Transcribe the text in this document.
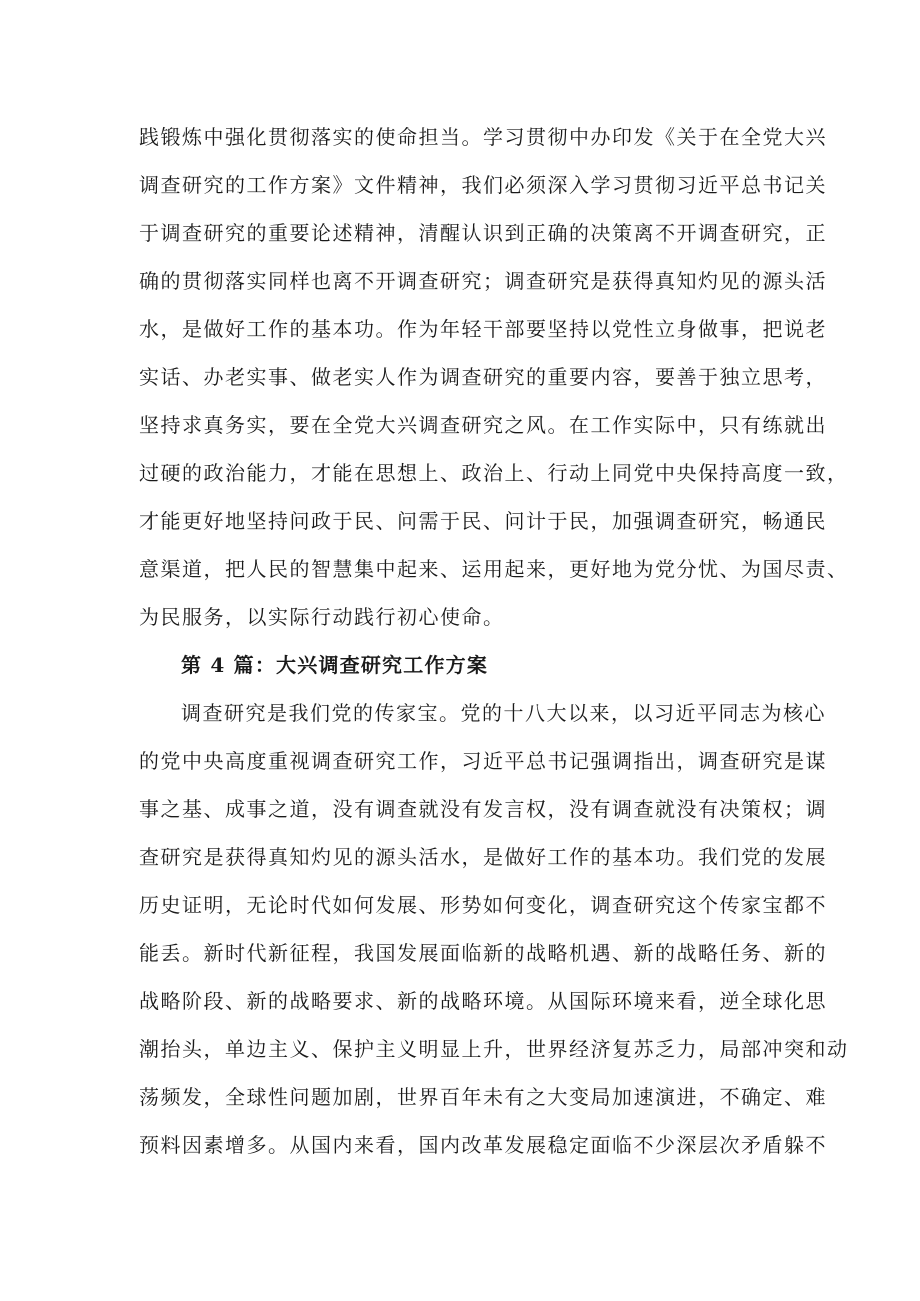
践锻炼中强化贯彻落实的使命担当。学习贯彻中办印发《关于在全党大兴
调查研究的工作方案》文件精神，我们必须深入学习贯彻习近平总书记关
于调查研究的重要论述精神，清醒认识到正确的决策离不开调查研究，正
确的贯彻落实同样也离不开调查研究；调查研究是获得真知灼见的源头活
水，是做好工作的基本功。作为年轻干部要坚持以党性立身做事，把说老
实话、办老实事、做老实人作为调查研究的重要内容，要善于独立思考，
坚持求真务实，要在全党大兴调查研究之风。在工作实际中，只有练就出
过硬的政治能力，才能在思想上、政治上、行动上同党中央保持高度一致，
才能更好地坚持问政于民、问需于民、问计于民，加强调查研究，畅通民
意渠道，把人民的智慧集中起来、运用起来，更好地为党分忧、为国尽责、
为民服务，以实际行动践行初心使命。
第 4 篇：大兴调查研究工作方案
调查研究是我们党的传家宝。党的十八大以来，以习近平同志为核心
的党中央高度重视调查研究工作，习近平总书记强调指出，调查研究是谋
事之基、成事之道，没有调查就没有发言权，没有调查就没有决策权；调
查研究是获得真知灼见的源头活水，是做好工作的基本功。我们党的发展
历史证明，无论时代如何发展、形势如何变化，调查研究这个传家宝都不
能丢。新时代新征程，我国发展面临新的战略机遇、新的战略任务、新的
战略阶段、新的战略要求、新的战略环境。从国际环境来看，逆全球化思
潮抬头，单边主义、保护主义明显上升，世界经济复苏乏力，局部冲突和动
荡频发，全球性问题加剧，世界百年未有之大变局加速演进，不确定、难
预料因素增多。从国内来看，国内改革发展稳定面临不少深层次矛盾躲不
